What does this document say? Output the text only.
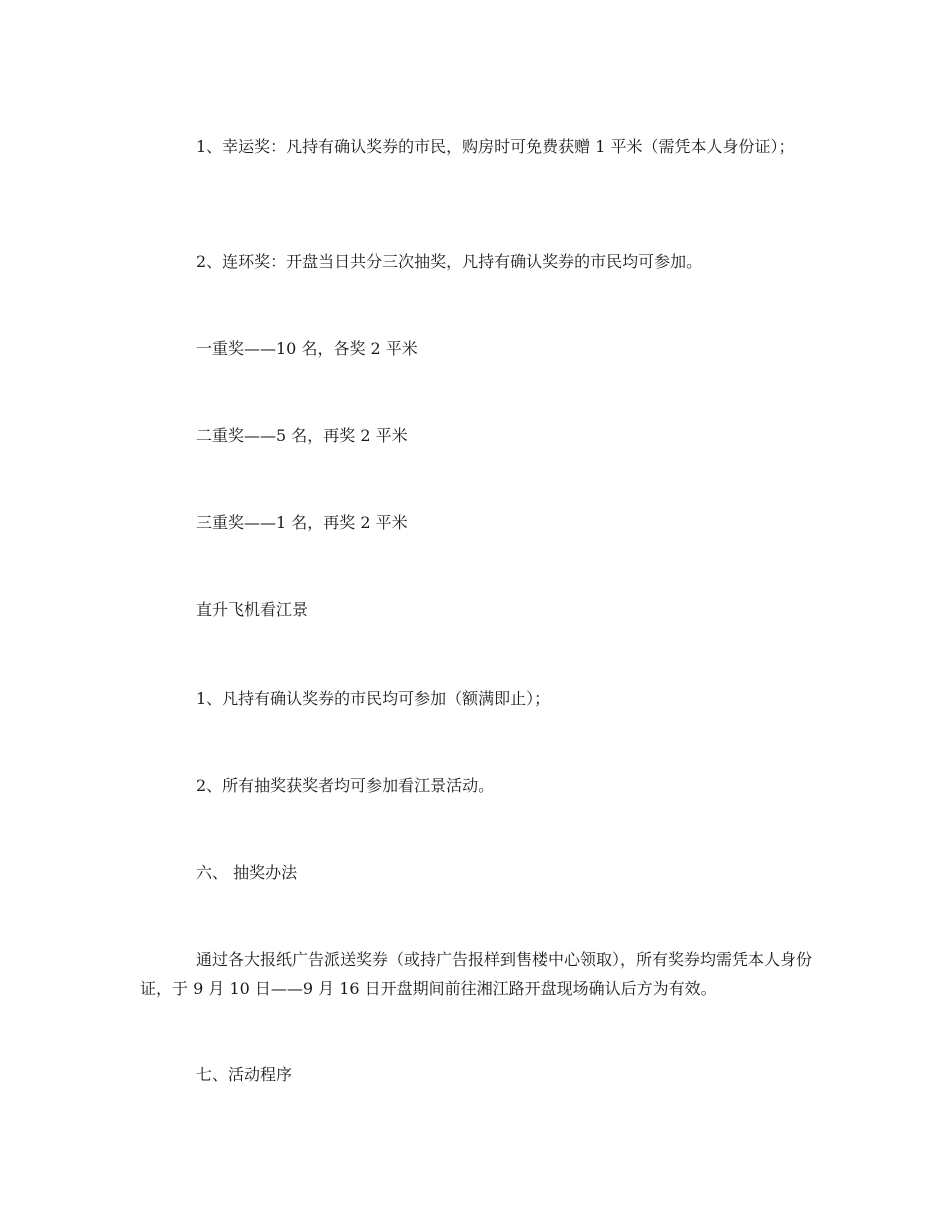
1、幸运奖：凡持有确认奖券的市民，购房时可免费获赠 1 平米（需凭本人身份证）；

2、连环奖：开盘当日共分三次抽奖，凡持有确认奖券的市民均可参加。

一重奖——10 名，各奖 2 平米

二重奖——5 名，再奖 2 平米

三重奖——1 名，再奖 2 平米

直升飞机看江景

1、凡持有确认奖券的市民均可参加（额满即止）；

2、所有抽奖获奖者均可参加看江景活动。

六、 抽奖办法

通过各大报纸广告派送奖券（或持广告报样到售楼中心领取），所有奖券均需凭本人身份证，于 9 月 10 日——9 月 16 日开盘期间前往湘江路开盘现场确认后方为有效。

七、活动程序
